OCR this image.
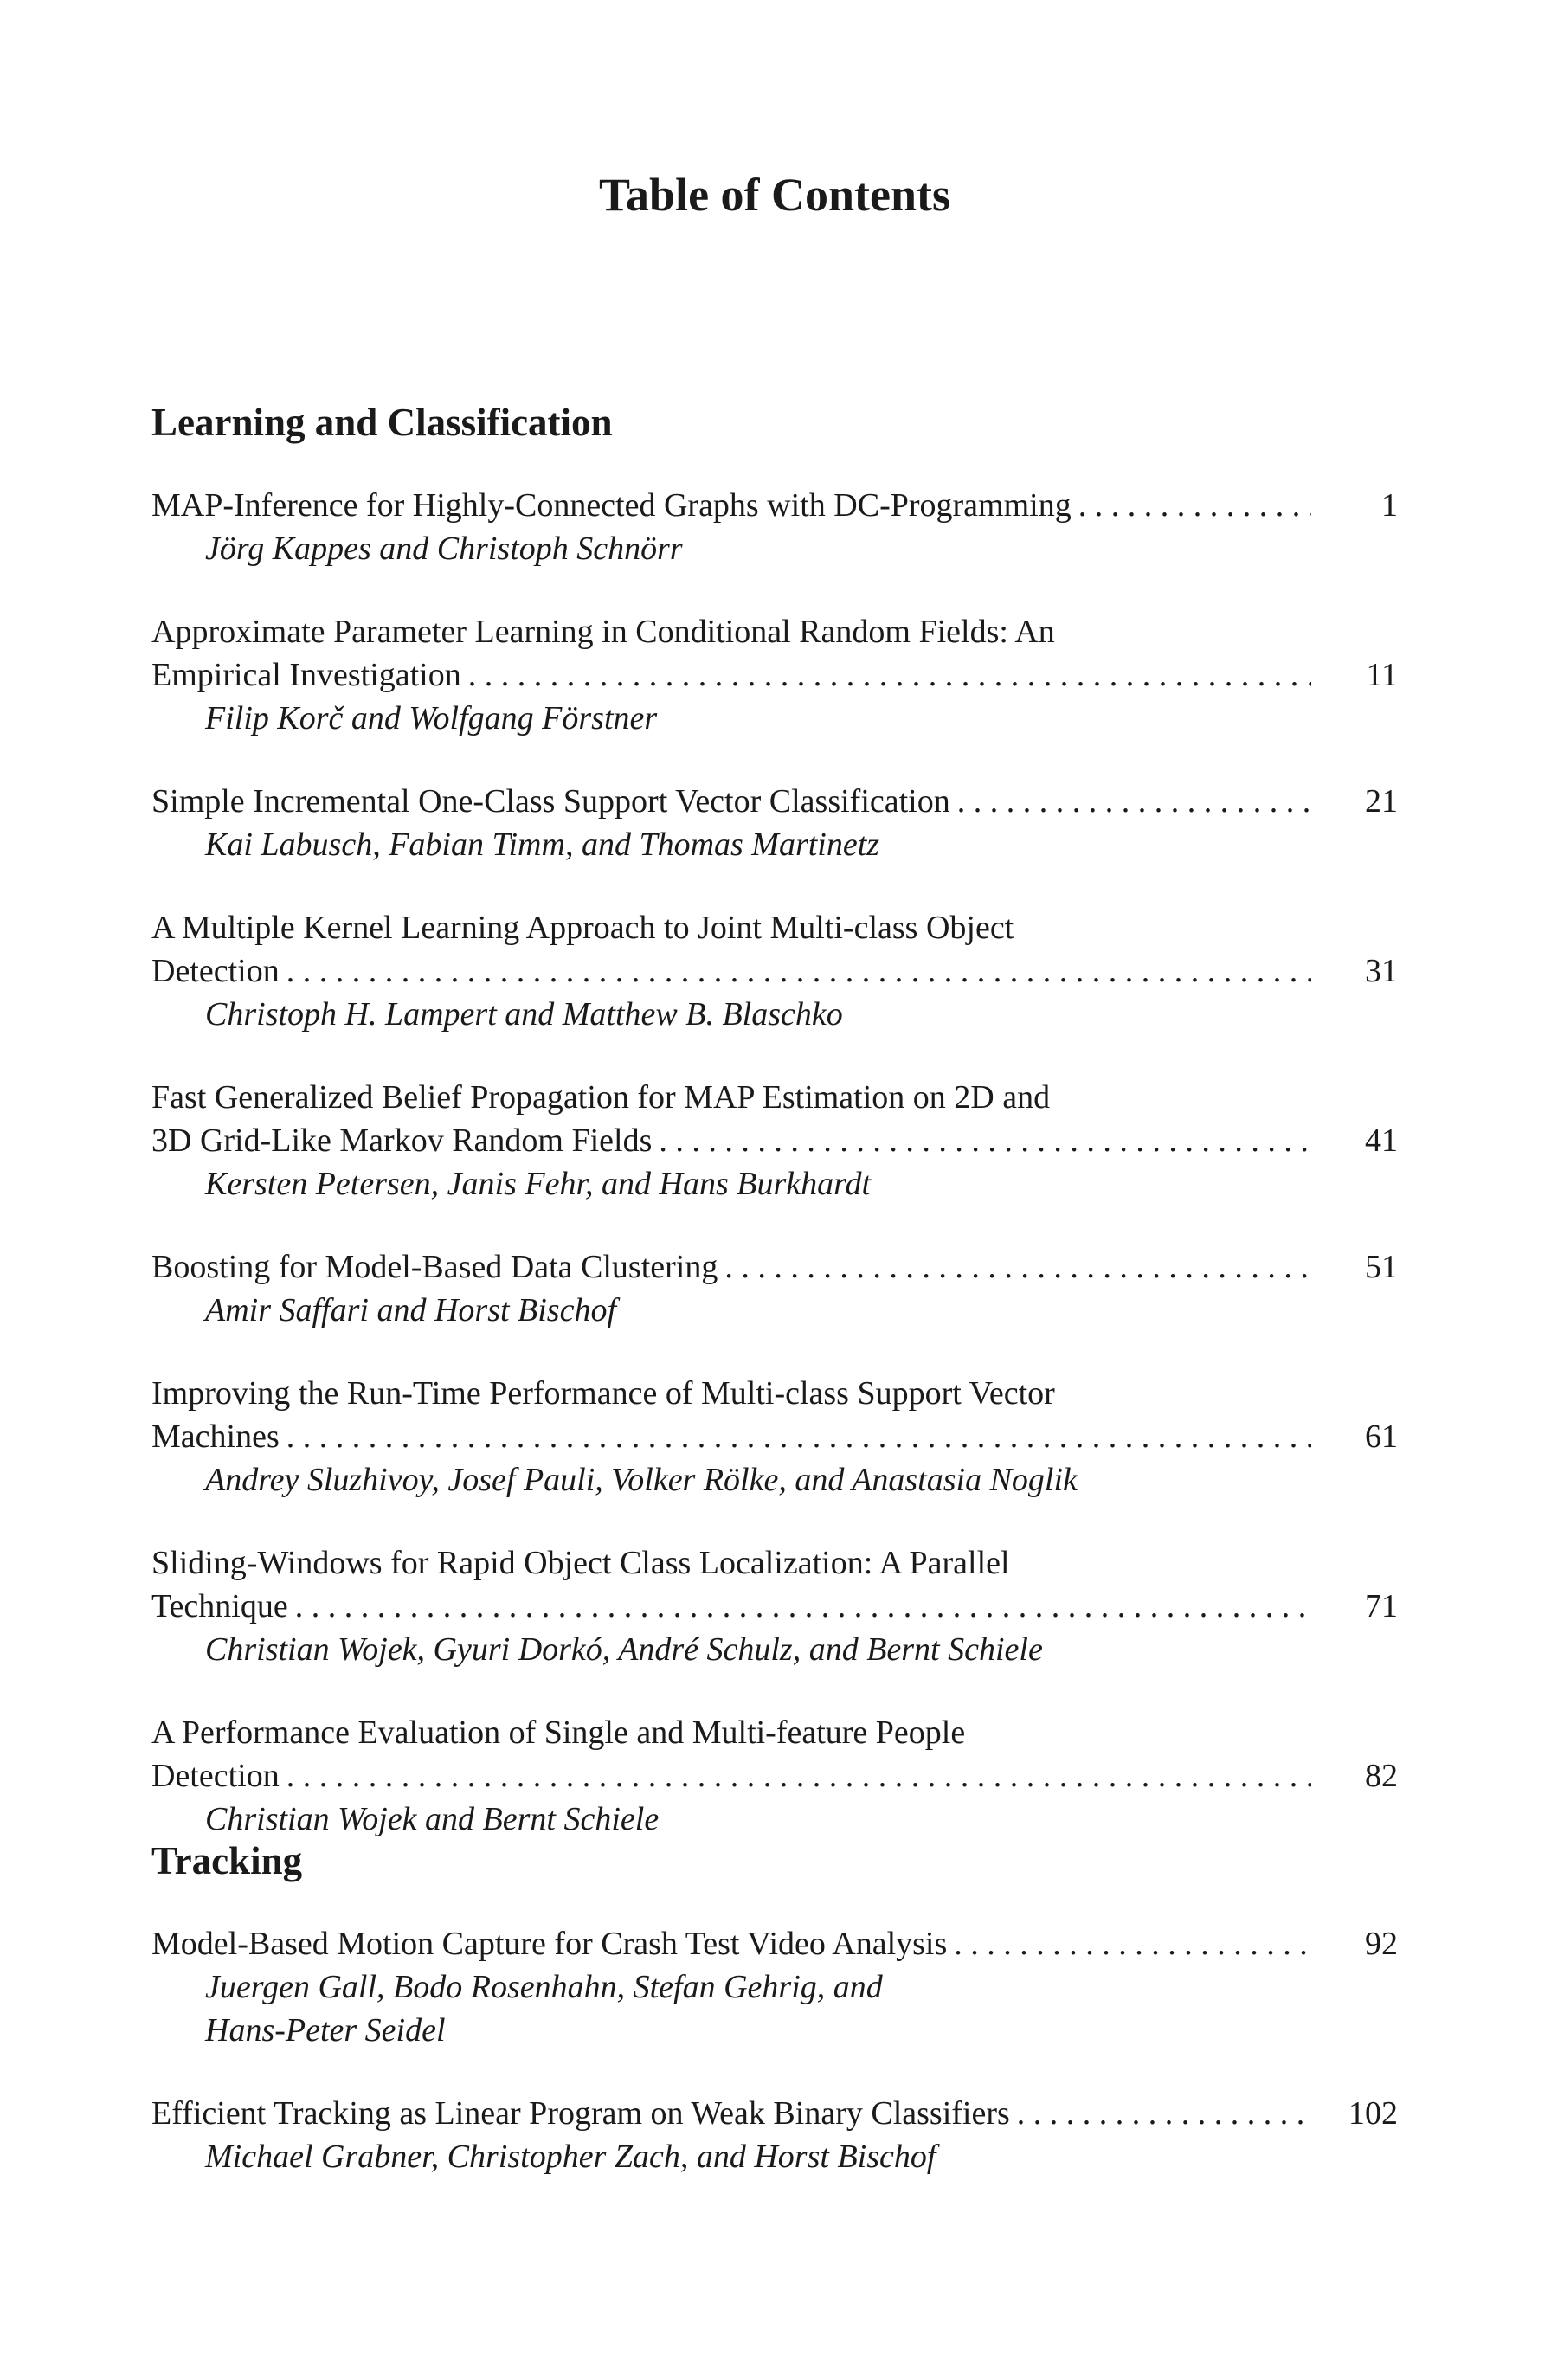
Table of Contents
Learning and Classification
MAP-Inference for Highly-Connected Graphs with DC-Programming . . .	1
Jörg Kappes and Christoph Schnörr
Approximate Parameter Learning in Conditional Random Fields: An
Empirical Investigation . . .	11
Filip Korč and Wolfgang Förstner
Simple Incremental One-Class Support Vector Classification . . .	21
Kai Labusch, Fabian Timm, and Thomas Martinetz
A Multiple Kernel Learning Approach to Joint Multi-class Object
Detection . . .	31
Christoph H. Lampert and Matthew B. Blaschko
Fast Generalized Belief Propagation for MAP Estimation on 2D and
3D Grid-Like Markov Random Fields . . .	41
Kersten Petersen, Janis Fehr, and Hans Burkhardt
Boosting for Model-Based Data Clustering . . .	51
Amir Saffari and Horst Bischof
Improving the Run-Time Performance of Multi-class Support Vector
Machines . . .	61
Andrey Sluzhivoy, Josef Pauli, Volker Rölke, and Anastasia Noglik
Sliding-Windows for Rapid Object Class Localization: A Parallel
Technique . . .	71
Christian Wojek, Gyuri Dorkó, André Schulz, and Bernt Schiele
A Performance Evaluation of Single and Multi-feature People
Detection . . .	82
Christian Wojek and Bernt Schiele
Tracking
Model-Based Motion Capture for Crash Test Video Analysis . . .	92
Juergen Gall, Bodo Rosenhahn, Stefan Gehrig, and
Hans-Peter Seidel
Efficient Tracking as Linear Program on Weak Binary Classifiers . . .	102
Michael Grabner, Christopher Zach, and Horst Bischof
